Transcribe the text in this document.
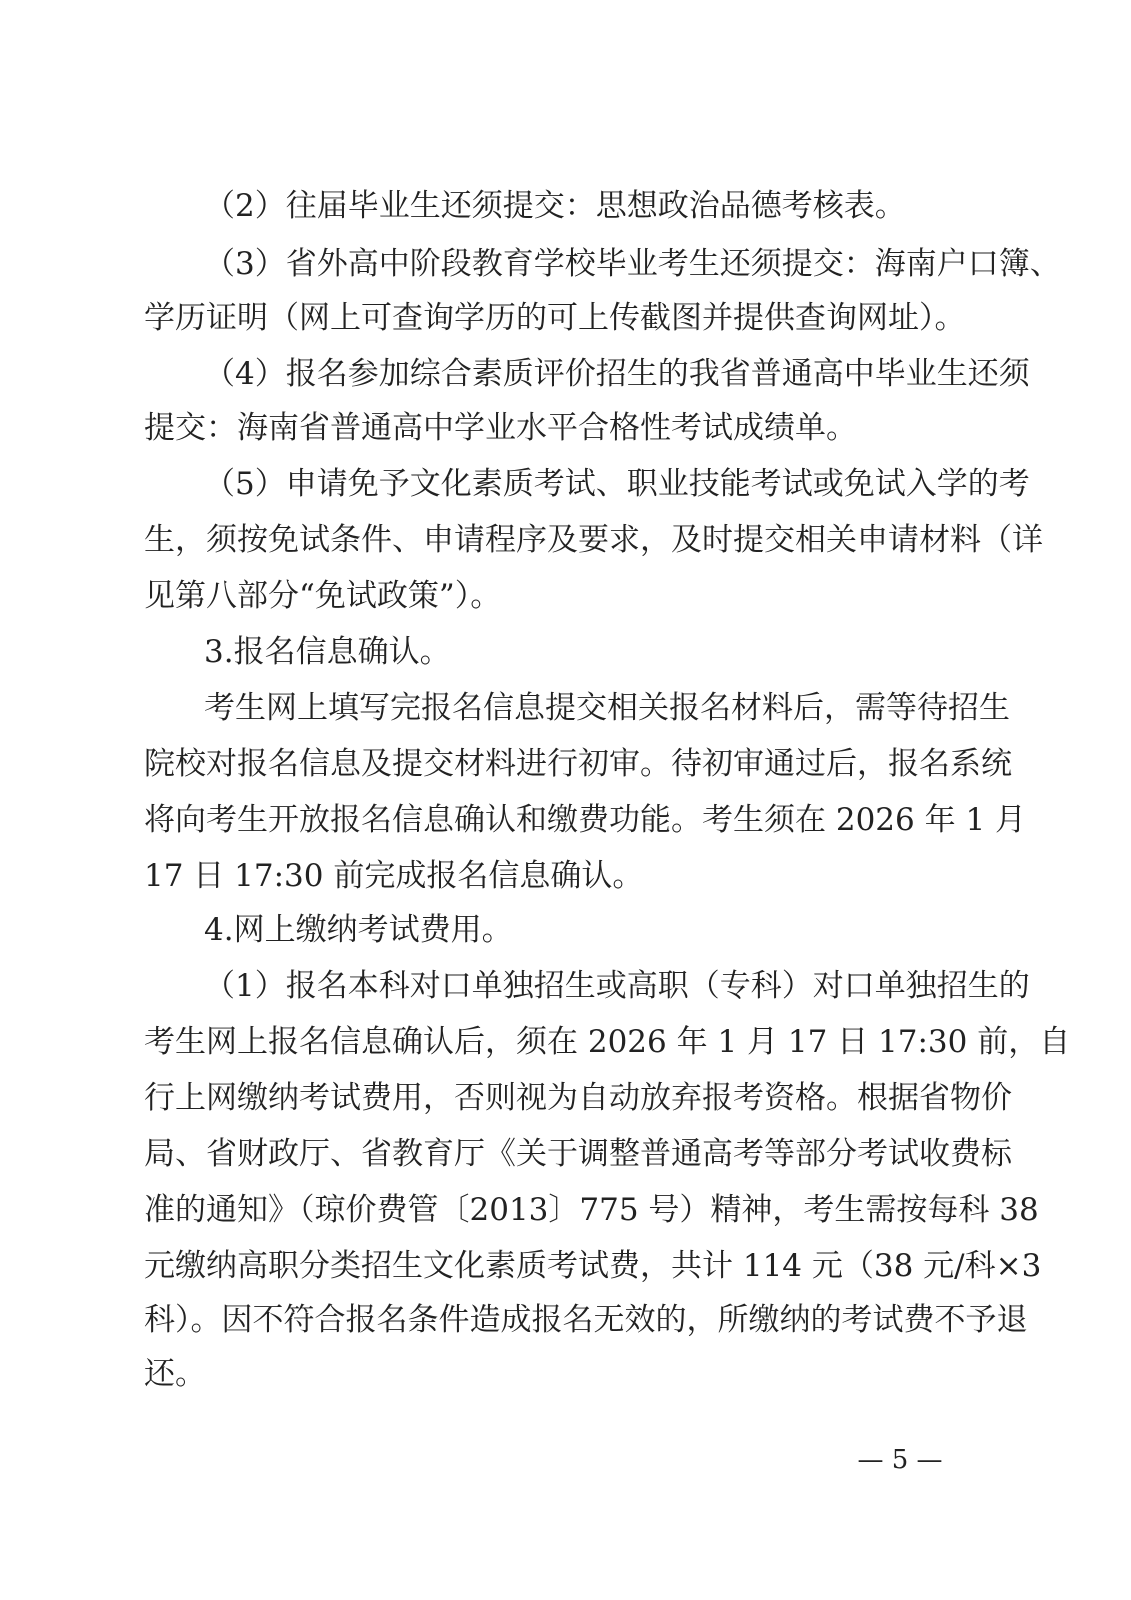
（2）往届毕业生还须提交：思想政治品德考核表。
（3）省外高中阶段教育学校毕业考生还须提交：海南户口簿、
学历证明（网上可查询学历的可上传截图并提供查询网址）。
（4）报名参加综合素质评价招生的我省普通高中毕业生还须
提交：海南省普通高中学业水平合格性考试成绩单。
（5）申请免予文化素质考试、职业技能考试或免试入学的考
生，须按免试条件、申请程序及要求，及时提交相关申请材料（详
见第八部分“免试政策”）。
3.报名信息确认。
考生网上填写完报名信息提交相关报名材料后，需等待招生
院校对报名信息及提交材料进行初审。待初审通过后，报名系统
将向考生开放报名信息确认和缴费功能。考生须在 2026 年 1 月
17 日 17:30 前完成报名信息确认。
4.网上缴纳考试费用。
（1）报名本科对口单独招生或高职（专科）对口单独招生的
考生网上报名信息确认后，须在 2026 年 1 月 17 日 17:30 前，自
行上网缴纳考试费用，否则视为自动放弃报考资格。根据省物价
局、省财政厅、省教育厅《关于调整普通高考等部分考试收费标
准的通知》（琼价费管〔2013〕775 号）精神，考生需按每科 38
元缴纳高职分类招生文化素质考试费，共计 114 元（38 元/科×3
科）。因不符合报名条件造成报名无效的，所缴纳的考试费不予退
还。
— 5 —
